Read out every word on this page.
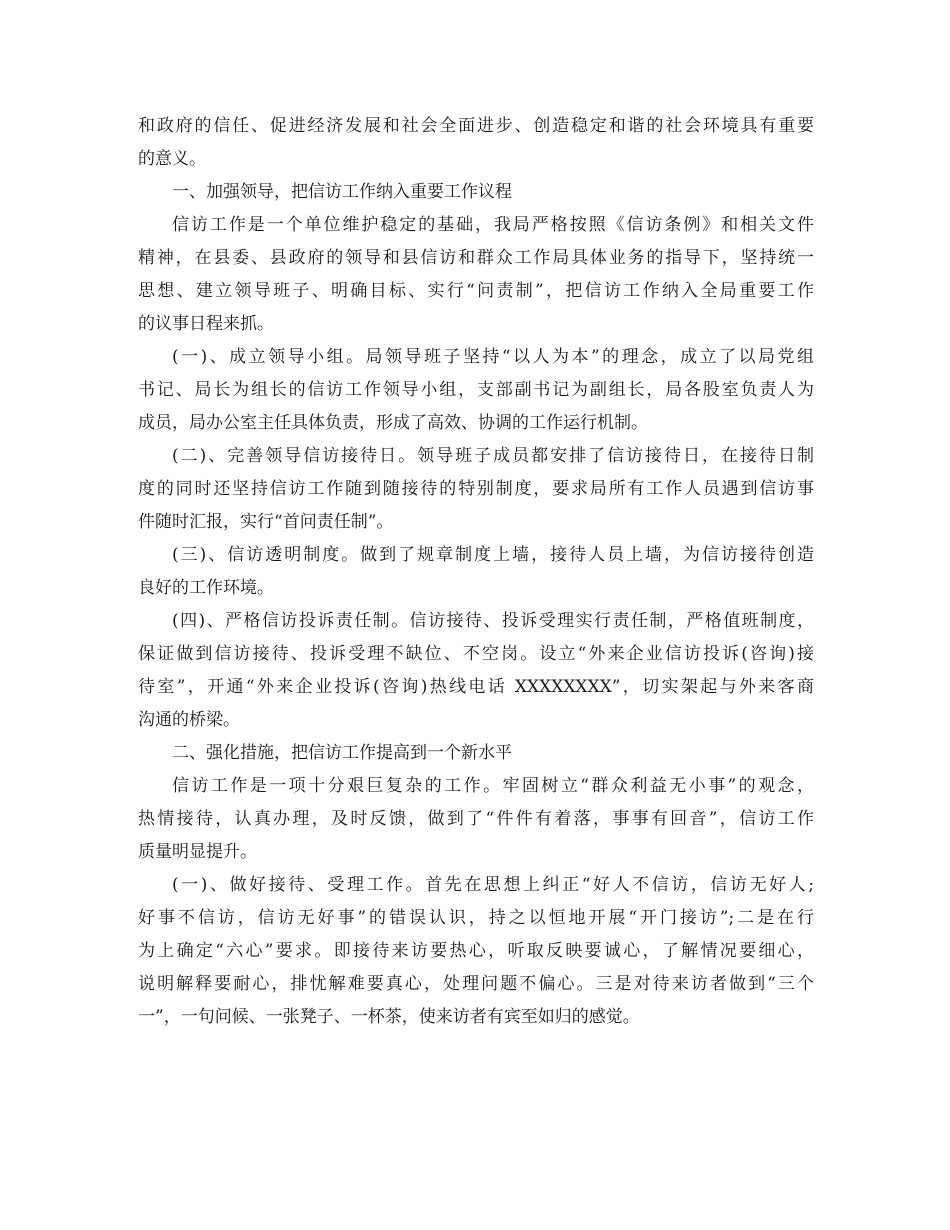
和政府的信任、促进经济发展和社会全面进步、创造稳定和谐的社会环境具有重要
的意义。
一、加强领导，把信访工作纳入重要工作议程
信访工作是一个单位维护稳定的基础，我局严格按照《信访条例》和相关文件
精神，在县委、县政府的领导和县信访和群众工作局具体业务的指导下，坚持统一
思想、建立领导班子、明确目标、实行“问责制”，把信访工作纳入全局重要工作
的议事日程来抓。
(一)、成立领导小组。局领导班子坚持“以人为本”的理念，成立了以局党组
书记、局长为组长的信访工作领导小组，支部副书记为副组长，局各股室负责人为
成员，局办公室主任具体负责，形成了高效、协调的工作运行机制。
(二)、完善领导信访接待日。领导班子成员都安排了信访接待日，在接待日制
度的同时还坚持信访工作随到随接待的特别制度，要求局所有工作人员遇到信访事
件随时汇报，实行“首问责任制”。
(三)、信访透明制度。做到了规章制度上墙，接待人员上墙，为信访接待创造
良好的工作环境。
(四)、严格信访投诉责任制。信访接待、投诉受理实行责任制，严格值班制度，
保证做到信访接待、投诉受理不缺位、不空岗。设立“外来企业信访投诉(咨询)接
待室”，开通“外来企业投诉(咨询)热线电话 XXXXXXXX”，切实架起与外来客商
沟通的桥梁。
二、强化措施，把信访工作提高到一个新水平
信访工作是一项十分艰巨复杂的工作。牢固树立“群众利益无小事”的观念，
热情接待，认真办理，及时反馈，做到了“件件有着落，事事有回音”，信访工作
质量明显提升。
(一)、做好接待、受理工作。首先在思想上纠正“好人不信访，信访无好人;
好事不信访，信访无好事”的错误认识，持之以恒地开展“开门接访”;二是在行
为上确定“六心”要求。即接待来访要热心，听取反映要诚心，了解情况要细心，
说明解释要耐心，排忧解难要真心，处理问题不偏心。三是对待来访者做到“三个
一”，一句问候、一张凳子、一杯茶，使来访者有宾至如归的感觉。
